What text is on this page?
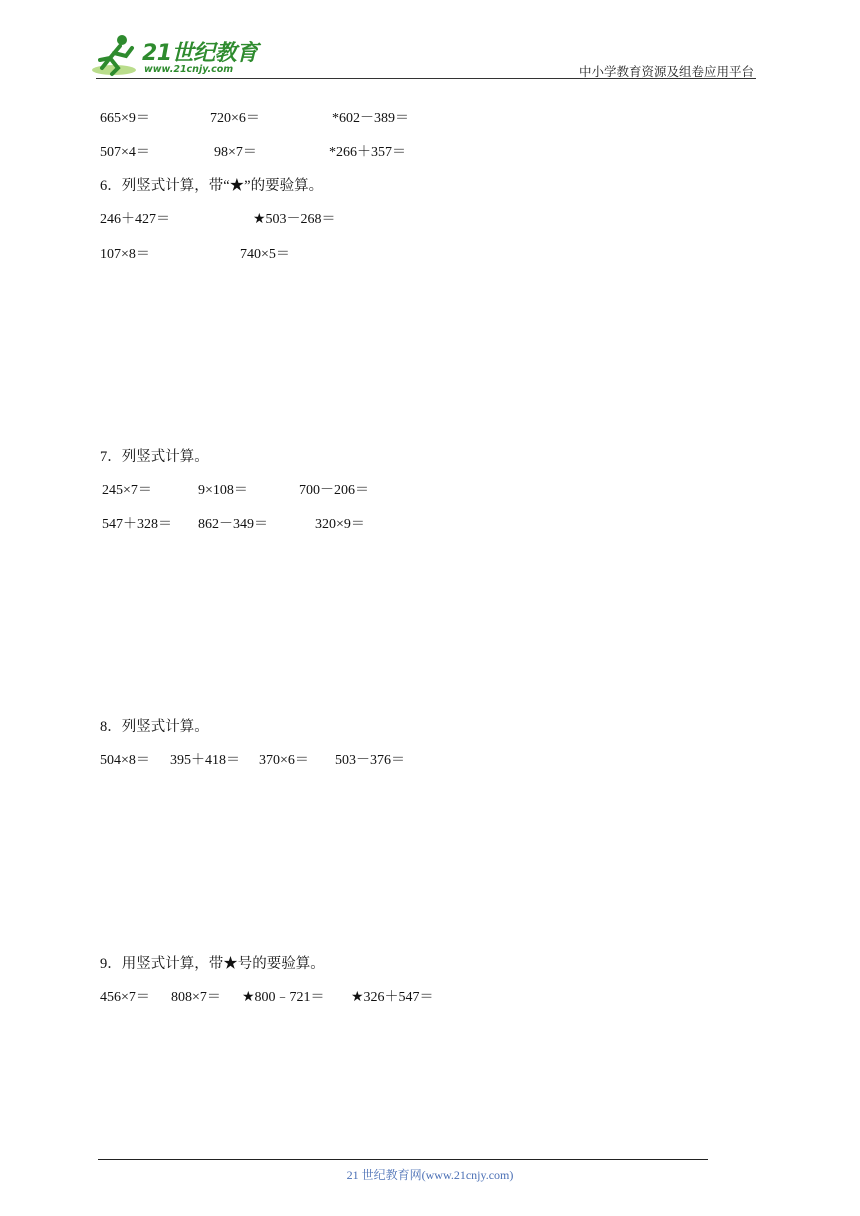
21世纪教育
www.21cnjy.com	中小学教育资源及组卷应用平台
665×9＝	720×6＝	*602－389＝
507×4＝	98×7＝	*266＋357＝
6．列竖式计算，带“★”的要验算。
246＋427＝	★503－268＝
107×8＝	740×5＝
7．列竖式计算。
245×7＝	9×108＝	700－206＝
547＋328＝ 862－349＝	320×9＝
8．列竖式计算。
504×8＝ 395＋418＝ 370×6＝ 503－376＝
9．用竖式计算，带★号的要验算。
456×7＝ 808×7＝ ★800﹣721＝ ★326＋547＝
21 世纪教育网(www.21cnjy.com)
